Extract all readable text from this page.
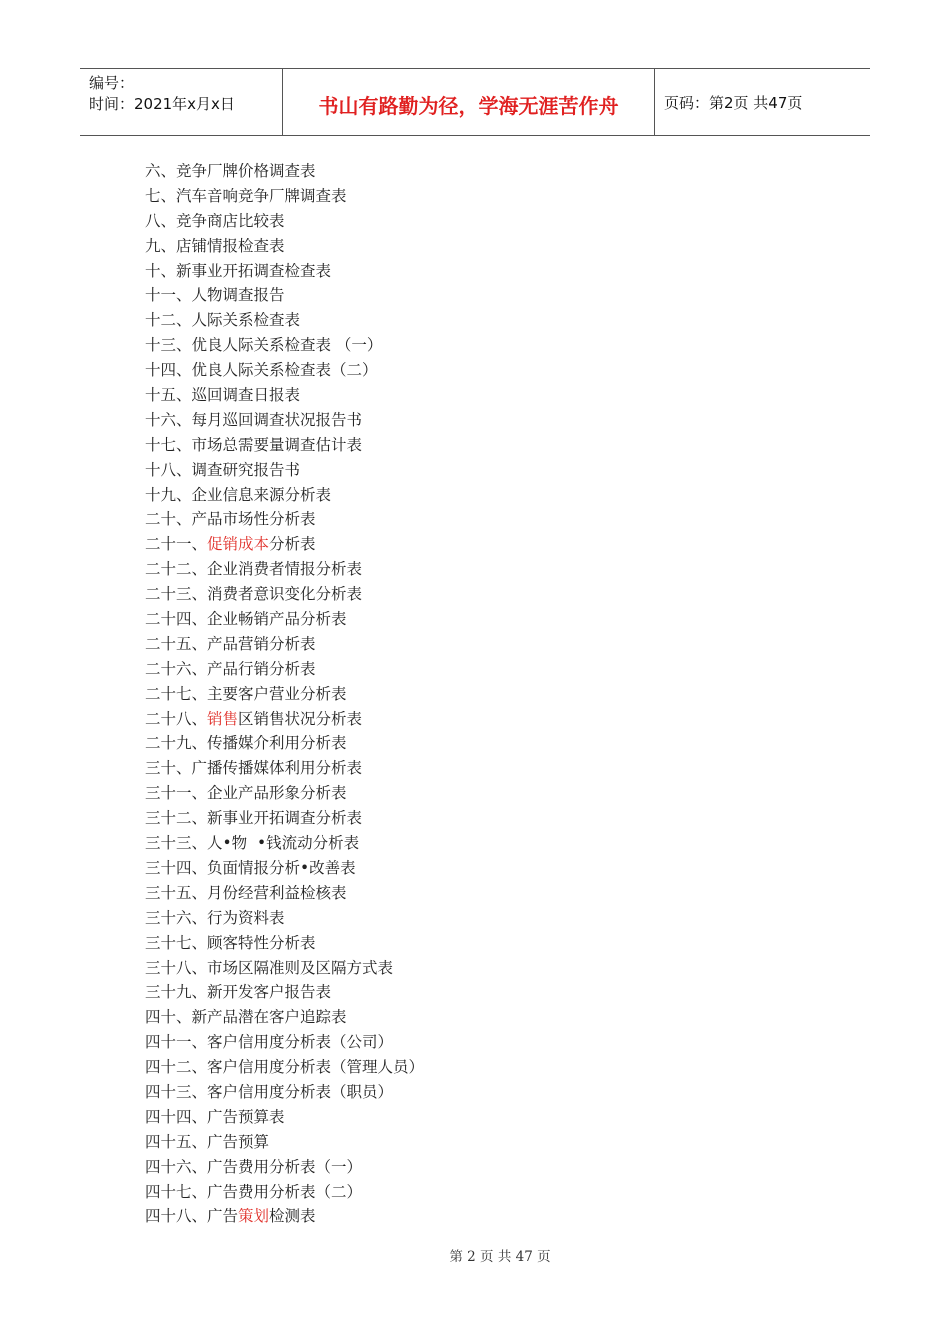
编号：
时间：2021年x月x日	书山有路勤为径，学海无涯苦作舟	页码：第2页 共47页
六、竞争厂牌价格调查表
七、汽车音响竞争厂牌调查表
八、竞争商店比较表
九、店铺情报检查表
十、新事业开拓调查检查表
十一、人物调查报告
十二、人际关系检查表
十三、优良人际关系检查表 （一）
十四、优良人际关系检查表（二）
十五、巡回调查日报表
十六、每月巡回调查状况报告书
十七、市场总需要量调查估计表
十八、调查研究报告书
十九、企业信息来源分析表
二十、产品市场性分析表
二十一、促销成本分析表
二十二、企业消费者情报分析表
二十三、消费者意识变化分析表
二十四、企业畅销产品分析表
二十五、产品营销分析表
二十六、产品行销分析表
二十七、主要客户营业分析表
二十八、销售区销售状况分析表
二十九、传播媒介利用分析表
三十、广播传播媒体利用分析表
三十一、企业产品形象分析表
三十二、新事业开拓调查分析表
三十三、人•物  •钱流动分析表
三十四、负面情报分析•改善表
三十五、月份经营利益检核表
三十六、行为资料表
三十七、顾客特性分析表
三十八、市场区隔准则及区隔方式表
三十九、新开发客户报告表
四十、新产品潜在客户追踪表
四十一、客户信用度分析表（公司）
四十二、客户信用度分析表（管理人员）
四十三、客户信用度分析表（职员）
四十四、广告预算表
四十五、广告预算
四十六、广告费用分析表（一）
四十七、广告费用分析表（二）
四十八、广告策划检测表
第 2 页 共 47 页
